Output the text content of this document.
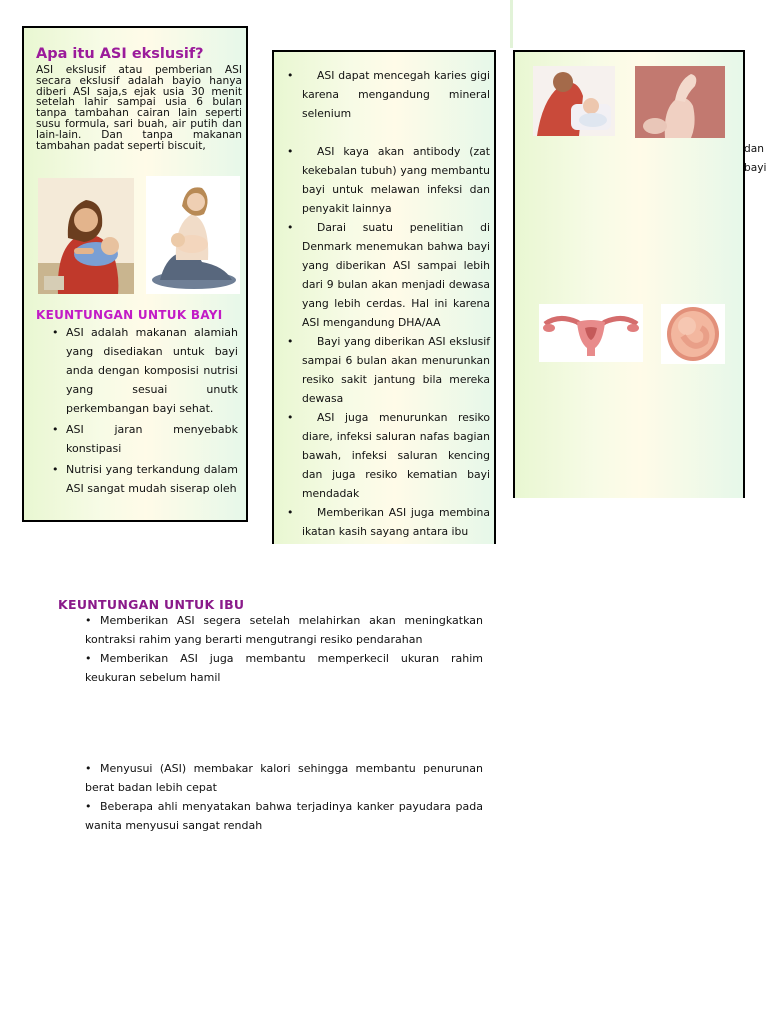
Apa itu ASI ekslusif?
ASI ekslusif atau pemberian ASI secara ekslusif adalah bayio hanya diberi ASI saja,s ejak usia 30 menit setelah lahir sampai usia 6 bulan tanpa tambahan cairan lain seperti susu formula, sari buah, air putih dan lain-lain. Dan tanpa makanan tambahan padat seperti biscuit,
KEUNTUNGAN UNTUK BAYI
• ASI adalah makanan alamiah yang disediakan untuk bayi anda dengan komposisi nutrisi yang sesuai unutk perkembangan bayi sehat.
• ASI jaran menyebabk konstipasi
• Nutrisi yang terkandung dalam ASI sangat mudah siserap oleh
• ASI dapat mencegah karies gigi karena mengandung mineral selenium
• ASI kaya akan antibody (zat kekebalan tubuh) yang membantu bayi untuk melawan infeksi dan penyakit lainnya
• Darai suatu penelitian di Denmark menemukan bahwa bayi yang diberikan ASI sampai lebih dari 9 bulan akan menjadi dewasa yang lebih cerdas. Hal ini karena ASI mengandung DHA/AA
• Bayi yang diberikan ASI ekslusif sampai 6 bulan akan menurunkan resiko sakit jantung bila mereka dewasa
• ASI juga menurunkan resiko diare, infeksi saluran nafas bagian bawah, infeksi saluran kencing dan juga resiko kematian bayi mendadak
• Memberikan ASI juga membina ikatan kasih sayang antara ibu
dan
bayi
KEUNTUNGAN UNTUK IBU
• Memberikan ASI segera setelah melahirkan akan meningkatkan kontraksi rahim yang berarti mengutrangi resiko pendarahan
• Memberikan ASI juga membantu memperkecil ukuran rahim keukuran sebelum hamil
• Menyusui (ASI) membakar kalori sehingga membantu penurunan berat badan lebih cepat
• Beberapa ahli menyatakan bahwa terjadinya kanker payudara pada wanita menyusui sangat rendah
